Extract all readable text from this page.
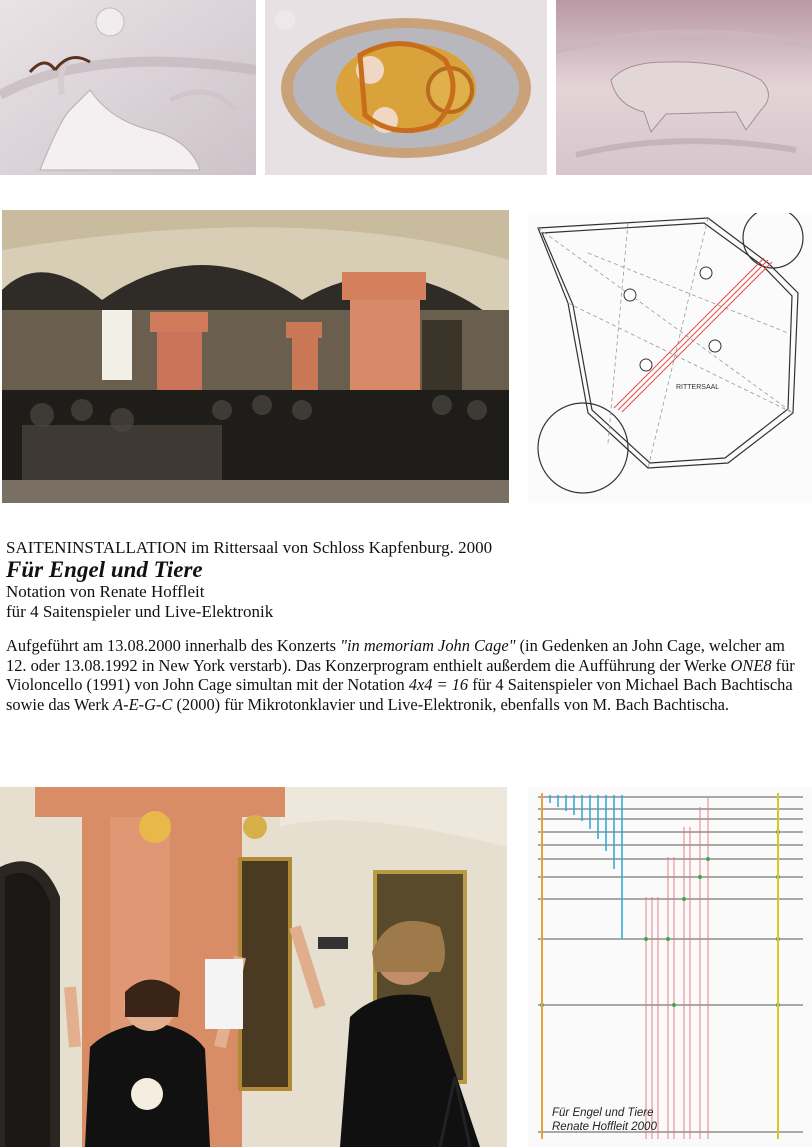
RITTERSAAL
SAITENINSTALLATION im Rittersaal von Schloss Kapfenburg. 2000
Für Engel und Tiere
Notation von Renate Hoffleit
für 4 Saitenspieler und Live-Elektronik
Aufgeführt am 13.08.2000 innerhalb des Konzerts "in memoriam John Cage" (in Gedenken an John Cage, welcher am 12. oder 13.08.1992 in New York verstarb). Das Konzerprogram enthielt außerdem die Aufführung der Werke ONE8 für Violoncello (1991) von John Cage simultan mit der Notation 4x4 = 16 für 4 Saitenspieler von Michael Bach Bachtischa sowie das Werk A-E-G-C (2000) für Mikrotonklavier und Live-Elektronik, ebenfalls von M. Bach Bachtischa.
Für Engel und Tiere
Renate Hoffleit 2000
